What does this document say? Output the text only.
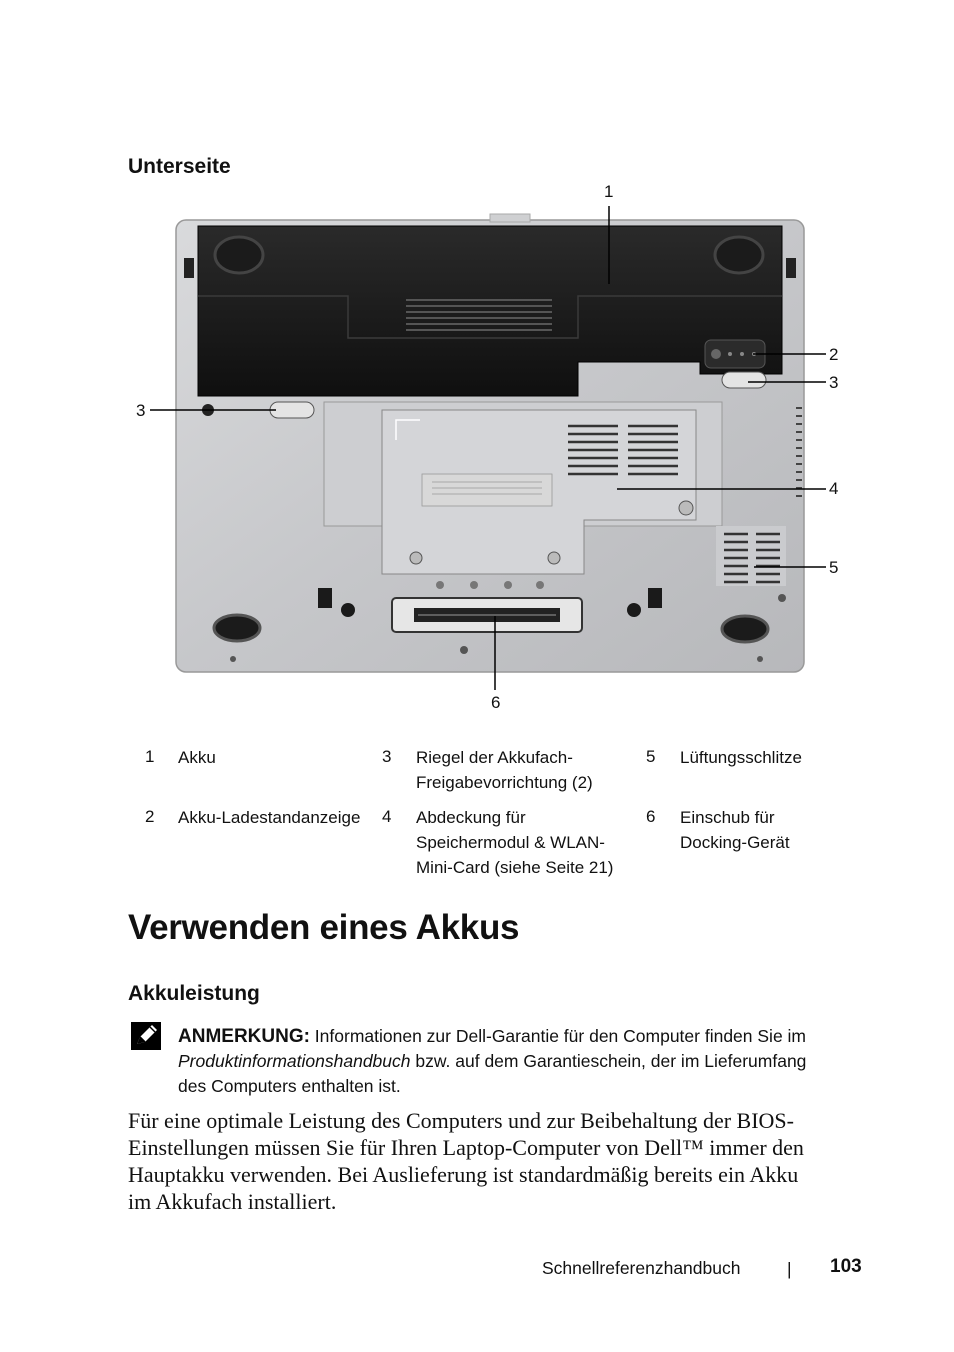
Unterseite
1
2
3
3
4
5
6
1 Akku	3 Riegel der Akkufach-
Freigabevorrichtung (2)
5 Lüftungsschlitze
2 Akku-Ladestandanzeige 4 Abdeckung für
Speichermodul & WLAN-
Mini-Card (siehe Seite 21)
6 Einschub für
Docking-Gerät
Verwenden eines Akkus
Akkuleistung
ANMERKUNG: Informationen zur Dell-Garantie für den Computer finden Sie im
Produktinformationshandbuch bzw. auf dem Garantieschein, der im Lieferumfang
des Computers enthalten ist.
Für eine optimale Leistung des Computers und zur Beibehaltung der BIOS-
Einstellungen müssen Sie für Ihren Laptop-Computer von Dell™ immer den
Hauptakku verwenden. Bei Auslieferung ist standardmäßig bereits ein Akku
im Akkufach installiert.
Schnellreferenzhandbuch	| 103
